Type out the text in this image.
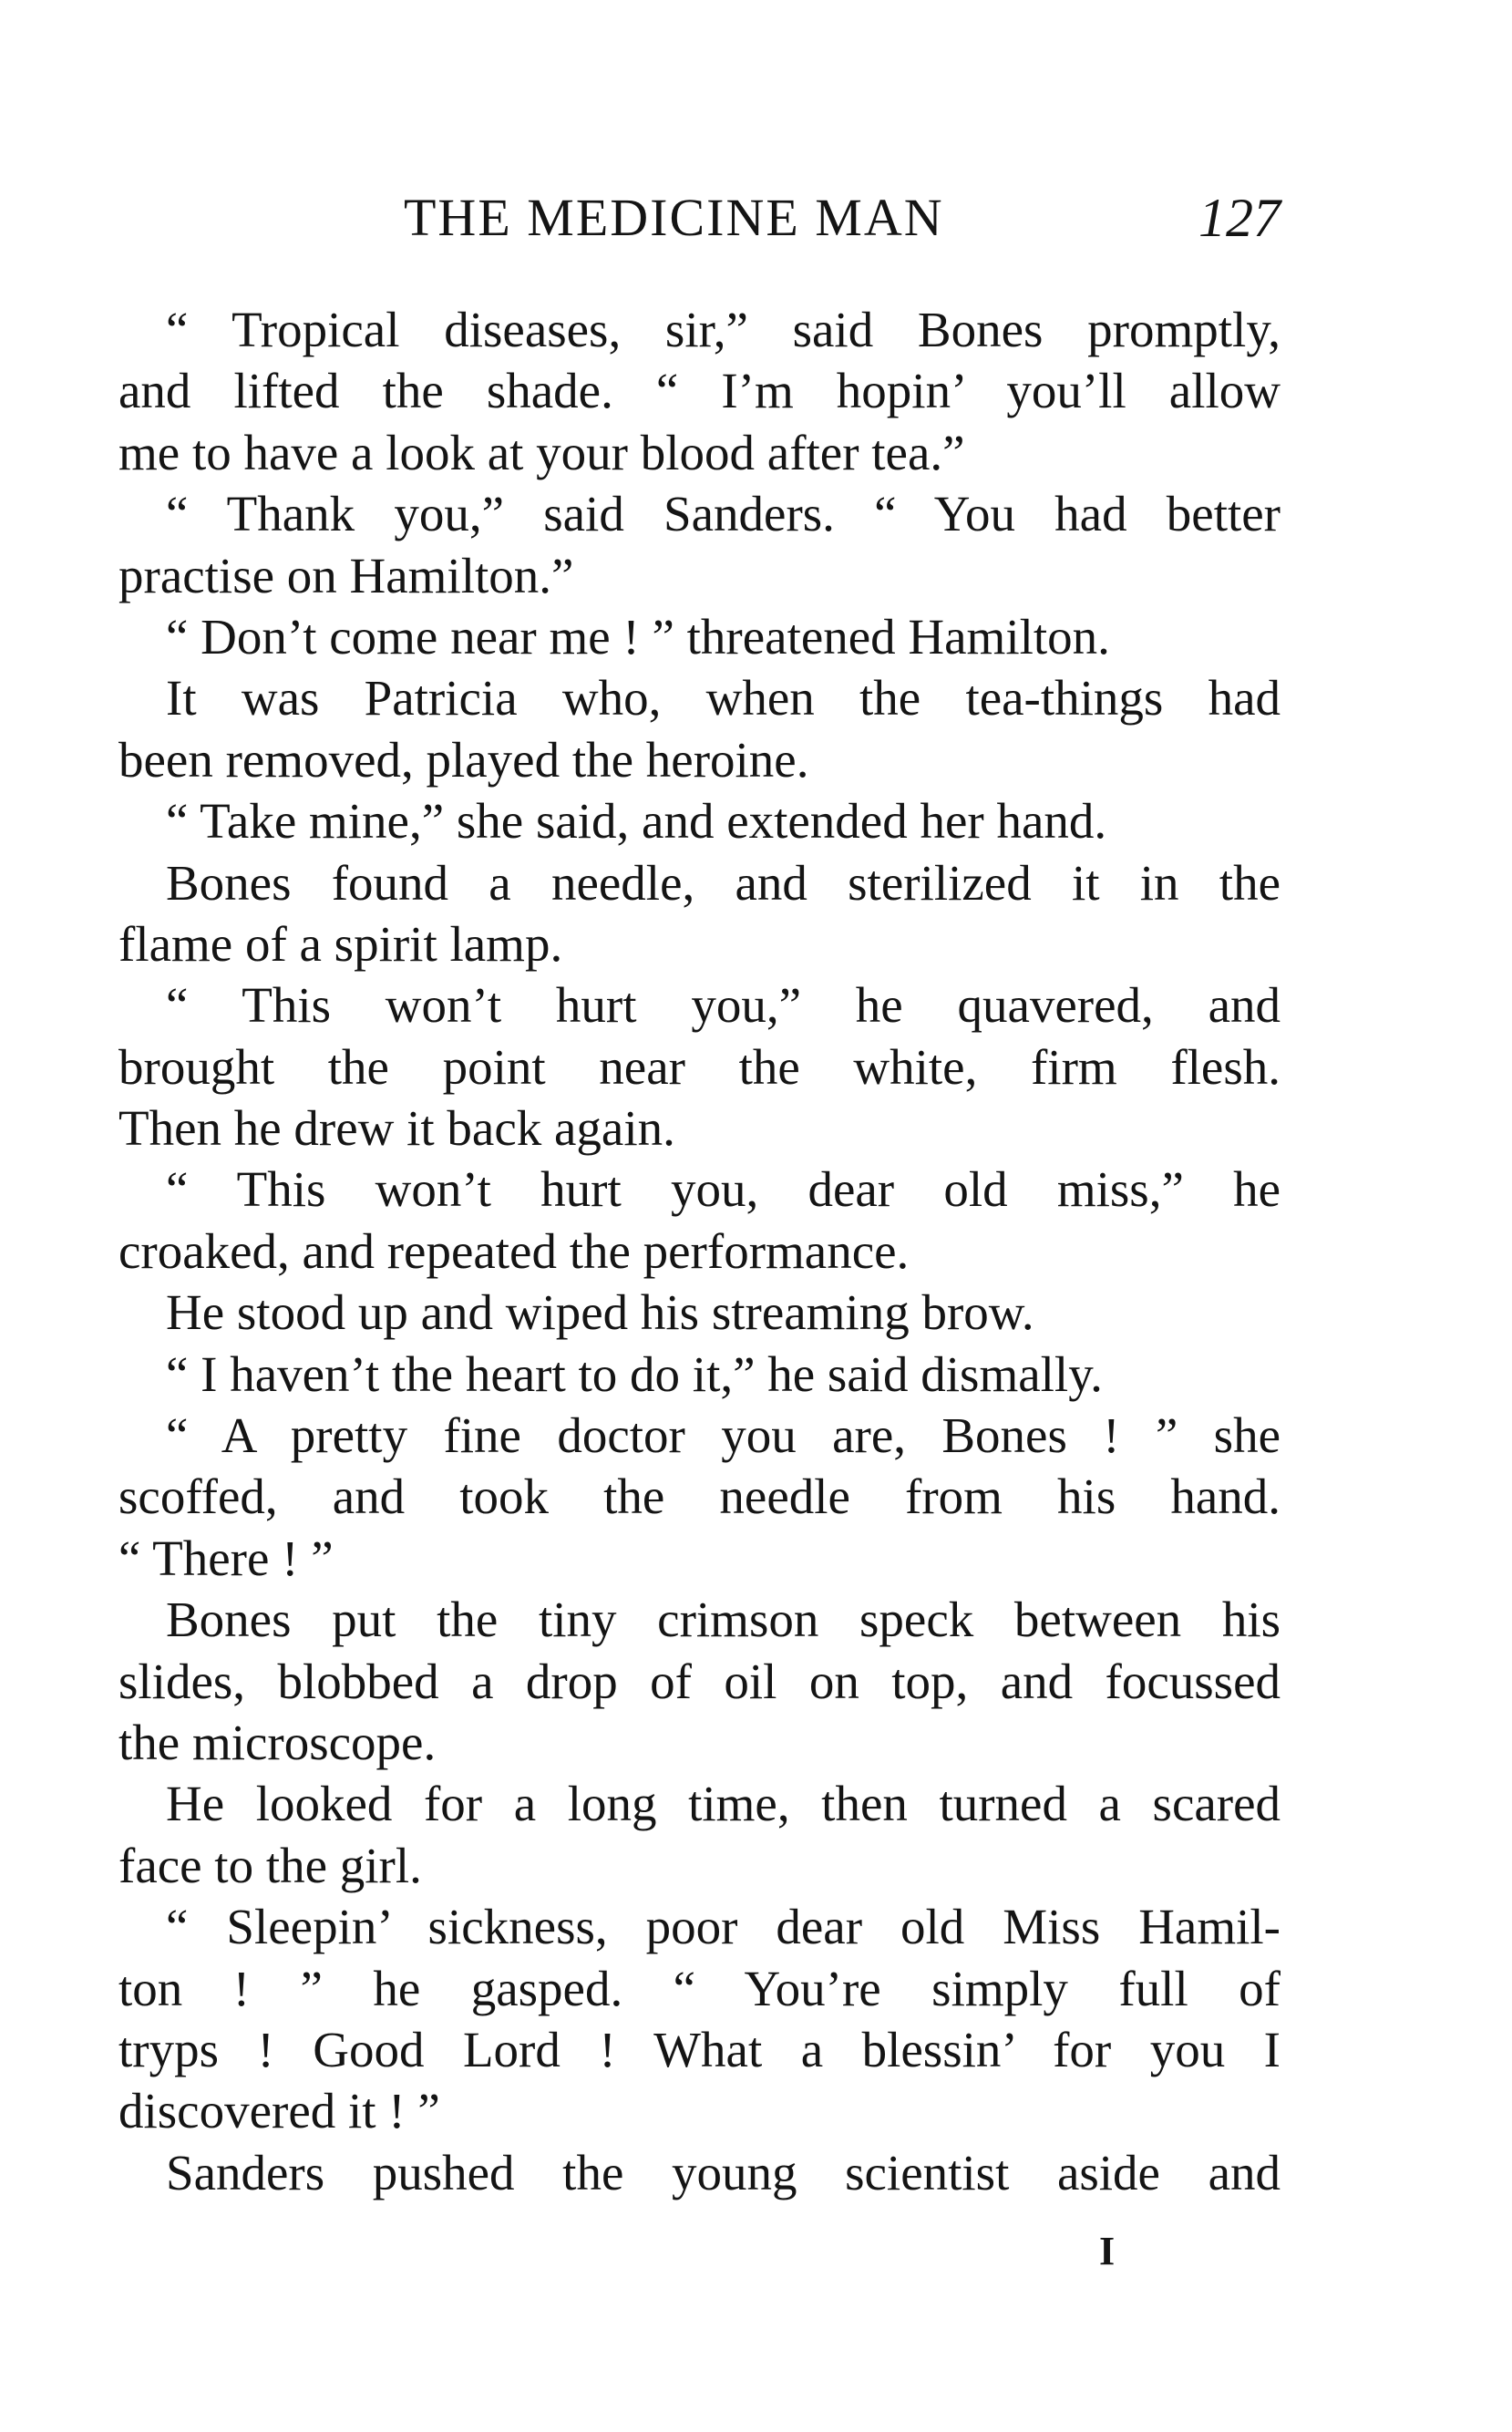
THE MEDICINE MAN	127
“ Tropical diseases, sir,” said Bones promptly,
and lifted the shade. “ I’m hopin’ you’ll allow
me to have a look at your blood after tea.”
“ Thank you,” said Sanders. “ You had better
practise on Hamilton.”
“ Don’t come near me ! ” threatened Hamilton.
It was Patricia who, when the tea-things had
been removed, played the heroine.
“ Take mine,” she said, and extended her hand.
Bones found a needle, and sterilized it in the
flame of a spirit lamp.
“ This won’t hurt you,” he quavered, and
brought the point near the white, firm flesh.
Then he drew it back again.
“ This won’t hurt you, dear old miss,” he
croaked, and repeated the performance.
He stood up and wiped his streaming brow.
“ I haven’t the heart to do it,” he said dismally.
“ A pretty fine doctor you are, Bones ! ” she
scoffed, and took the needle from his hand.
“ There ! ”
Bones put the tiny crimson speck between his
slides, blobbed a drop of oil on top, and focussed
the microscope.
He looked for a long time, then turned a scared
face to the girl.
“ Sleepin’ sickness, poor dear old Miss Hamil-
ton ! ” he gasped. “ You’re simply full of
tryps ! Good Lord ! What a blessin’ for you I
discovered it ! ”
Sanders pushed the young scientist aside and
I
